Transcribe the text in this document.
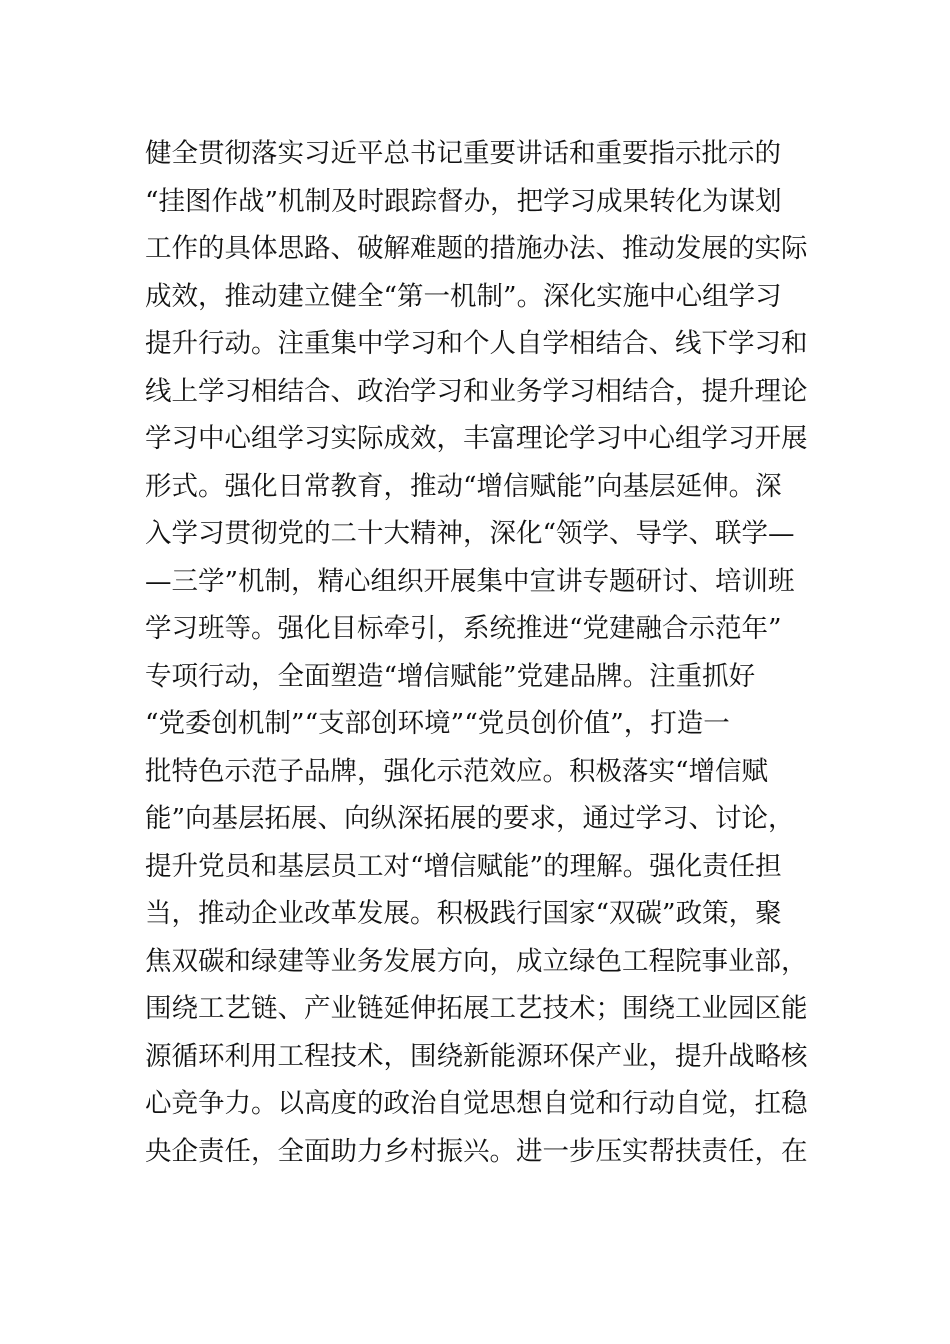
健全贯彻落实习近平总书记重要讲话和重要指示批示的
“挂图作战”机制及时跟踪督办，把学习成果转化为谋划
工作的具体思路、破解难题的措施办法、推动发展的实际
成效，推动建立健全“第一机制”。深化实施中心组学习
提升行动。注重集中学习和个人自学相结合、线下学习和
线上学习相结合、政治学习和业务学习相结合，提升理论
学习中心组学习实际成效，丰富理论学习中心组学习开展
形式。强化日常教育，推动“增信赋能”向基层延伸。深
入学习贯彻党的二十大精神，深化“领学、导学、联学—
—三学”机制，精心组织开展集中宣讲专题研讨、培训班
学习班等。强化目标牵引，系统推进“党建融合示范年”
专项行动，全面塑造“增信赋能”党建品牌。注重抓好
“党委创机制”“支部创环境”“党员创价值”，打造一
批特色示范子品牌，强化示范效应。积极落实“增信赋
能”向基层拓展、向纵深拓展的要求，通过学习、讨论，
提升党员和基层员工对“增信赋能”的理解。强化责任担
当，推动企业改革发展。积极践行国家“双碳”政策，聚
焦双碳和绿建等业务发展方向，成立绿色工程院事业部，
围绕工艺链、产业链延伸拓展工艺技术；围绕工业园区能
源循环利用工程技术，围绕新能源环保产业，提升战略核
心竞争力。以高度的政治自觉思想自觉和行动自觉，扛稳
央企责任，全面助力乡村振兴。进一步压实帮扶责任，在
